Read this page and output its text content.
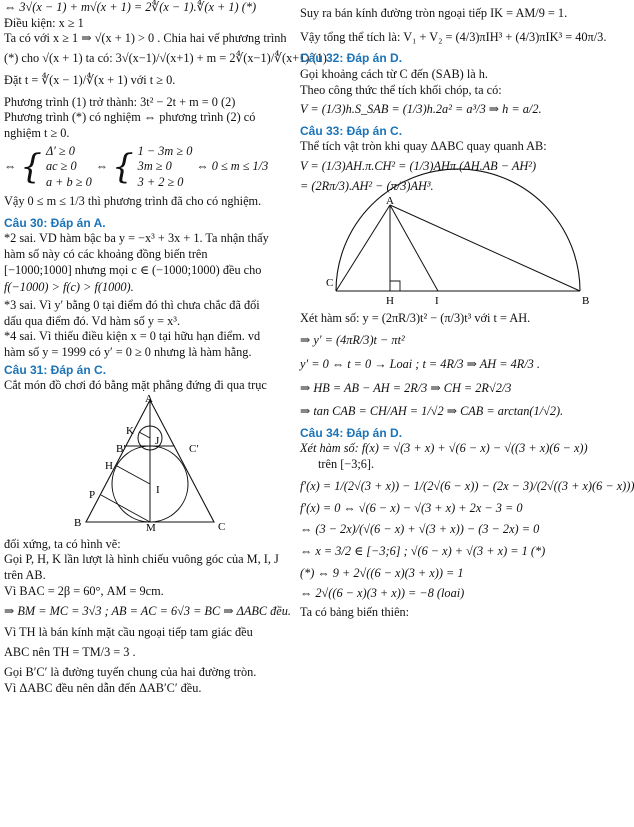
⇔ 3√(x − 1) + m√(x + 1) = 2∜(x − 1).∜(x + 1) (*)

Điều kiện: x ≥ 1

Ta có với x ≥ 1 ⇒ √(x + 1) > 0 . Chia hai vế phương trình

(*) cho √(x + 1) ta có: 3√(x−1)/√(x+1) + m = 2∜(x−1)/∜(x+1) (1)

Đặt t = ∜(x − 1)/∜(x + 1) với t ≥ 0.

Phương trình (1) trở thành: 3t² − 2t + m = 0 (2)

Phương trình (*) có nghiệm ⇔ phương trình (2) có

nghiệm t ≥ 0.

⇔ { Δ′ ≥ 0
ac ≥ 0
a + b ≥ 0
⇔ { 1 − 3m ≥ 0
3m ≥ 0
3 + 2 ≥ 0
⇔ 0 ≤ m ≤ 1/3

Vậy 0 ≤ m ≤ 1/3 thì phương trình đã cho có nghiệm.

Câu 30: Đáp án A.

*2 sai. VD hàm bậc ba y = −x³ + 3x + 1. Ta nhận thấy

hàm số này có các khoảng đồng biến trên

[−1000;1000] nhưng mọi c ∈ (−1000;1000) đều cho

f(−1000) > f(c) > f(1000).

*3 sai. Vì y′ bằng 0 tại điểm đó thì chưa chắc đã đổi

dấu qua điểm đó. Vd hàm số y = x³.

*4 sai. Vì thiếu điều kiện x = 0 tại hữu hạn điểm. vd

hàm số y = 1999 có y′ = 0 ≥ 0 nhưng là hàm hằng.

Câu 31: Đáp án C.

Cắt món đồ chơi đó bằng mặt phẳng đứng đi qua trục

A
K
J
B′	C′
H
P	I
B	M	C

đối xứng, ta có hình vẽ:

Gọi P, H, K lần lượt là hình chiếu vuông góc của M, I, J

trên AB.

Vì BAC = 2β = 60°, AM = 9cm.

⇒ BM = MC = 3√3 ; AB = AC = 6√3 = BC ⇒ ΔABC đều.

Vì TH là bán kính mặt cầu ngoại tiếp tam giác đều

ABC nên TH = TM/3 = 3 .

Gọi B′C′ là đường tuyến chung của hai đường tròn.

Vì ΔABC đều nên dẫn đến ΔAB′C′ đều.

Suy ra bán kính đường tròn ngoại tiếp IK = AM/9 = 1.

Vậy tổng thể tích là: V₁ + V₂ = (4/3)πIH³ + (4/3)πIK³ = 40π/3.

Câu 32: Đáp án D.

Gọi khoảng cách từ C đến (SAB) là h.

Theo công thức thể tích khối chóp, ta có:

V = (1/3)h.S_SAB = (1/3)h.2a² = a³/3 ⇒ h = a/2.

Câu 33: Đáp án C.

Thể tích vật tròn khi quay ΔABC quay quanh AB:

V = (1/3)AH.π.CH² = (1/3)AHπ.(AH.AB − AH²)

= (2Rπ/3).AH² − (π/3)AH³.

A
C
H	I	B

Xét hàm số: y = (2πR/3)t² − (π/3)t³ với t = AH.

⇒ y′ = (4πR/3)t − πt²

y′ = 0 ⇔ t = 0 → Loai ; t = 4R/3 ⇒ AH = 4R/3 .

⇒ HB = AB − AH = 2R/3 ⇒ CH = 2R√2/3

⇒ tan CAB = CH/AH = 1/√2 ⇒ CAB = arctan(1/√2).

Câu 34: Đáp án D.

Xét hàm số: f(x) = √(3 + x) + √(6 − x) − √((3 + x)(6 − x))

trên [−3;6].

f′(x) = 1/(2√(3 + x)) − 1/(2√(6 − x)) − (2x − 3)/(2√((3 + x)(6 − x)))

f′(x) = 0 ⇔ √(6 − x) − √(3 + x) + 2x − 3 = 0

⇔ (3 − 2x)/(√(6 − x) + √(3 + x)) − (3 − 2x) = 0

⇔ x = 3/2 ∈ [−3;6] ; √(6 − x) + √(3 + x) = 1 (*)

(*) ⇔ 9 + 2√((6 − x)(3 + x)) = 1

⇔ 2√((6 − x)(3 + x)) = −8 (loai)

Ta có bảng biến thiên:
